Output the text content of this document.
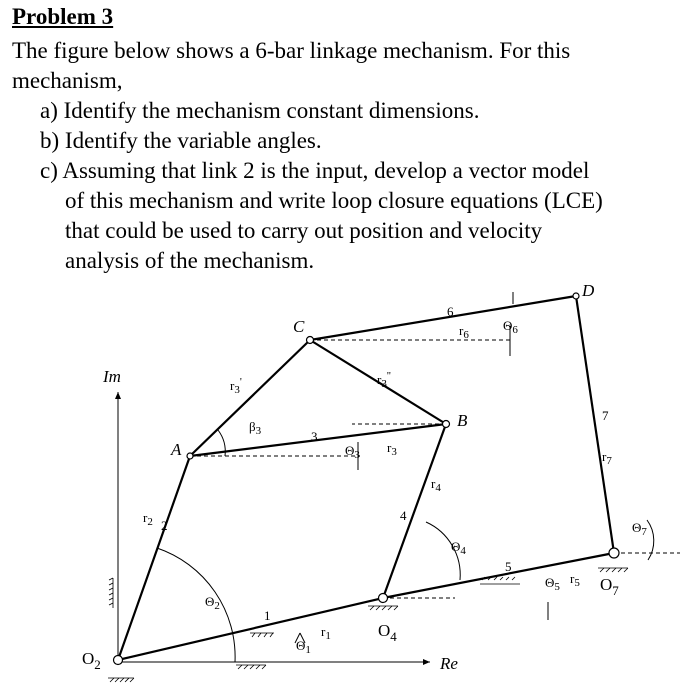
Problem 3
The figure below shows a 6-bar linkage mechanism. For this
mechanism,
a) Identify the mechanism constant dimensions.
b) Identify the variable angles.
c) Assuming that link 2 is the input, develop a vector model
of this mechanism and write loop closure equations (LCE)
that could be used to carry out position and velocity
analysis of the mechanism.
Im
Re
$O_2$
A
C
B
D
$O_4$
$O_7$
1
2
3
4
5
6
7
$r_1$
$r_2$
$r_3$
$r_3'$	$r_3''$
$r_4$
$r_5$
$r_6$
$r_7$
$\Theta_1$
$\Theta_2$
$\Theta_3$
$\Theta_4$
$\Theta_5$
$\Theta_6$
$\Theta_7$
$\beta_3$
